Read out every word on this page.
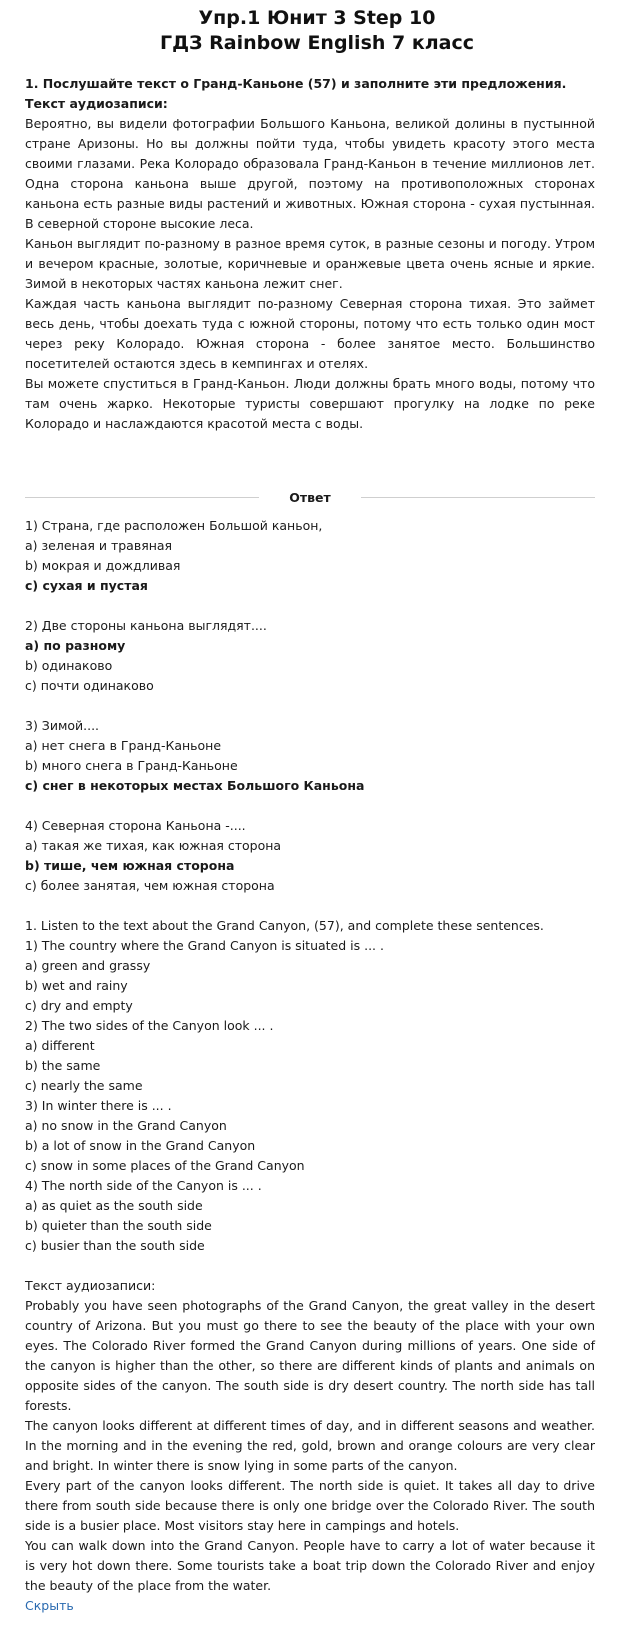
Упр.1 Юнит 3 Step 10
ГДЗ Rainbow English 7 класс
1. Послушайте текст о Гранд-Каньоне (57) и заполните эти предложения.
Текст аудиозаписи:
Вероятно, вы видели фотографии Большого Каньона, великой долины в пустынной стране Аризоны. Но вы должны пойти туда, чтобы увидеть красоту этого места своими глазами. Река Колорадо образовала Гранд-Каньон в течение миллионов лет. Одна сторона каньона выше другой, поэтому на противоположных сторонах каньона есть разные виды растений и животных. Южная сторона - сухая пустынная. В северной стороне высокие леса.
Каньон выглядит по-разному в разное время суток, в разные сезоны и погоду. Утром и вечером красные, золотые, коричневые и оранжевые цвета очень ясные и яркие. Зимой в некоторых частях каньона лежит снег.
Каждая часть каньона выглядит по-разному Северная сторона тихая. Это займет весь день, чтобы доехать туда с южной стороны, потому что есть только один мост через реку Колорадо. Южная сторона - более занятое место. Большинство посетителей остаются здесь в кемпингах и отелях.
Вы можете спуститься в Гранд-Каньон. Люди должны брать много воды, потому что там очень жарко. Некоторые туристы совершают прогулку на лодке по реке Колорадо и наслаждаются красотой места с воды.
Ответ
1) Страна, где расположен Большой каньон,
a) зеленая и травяная
b) мокрая и дождливая
c) сухая и пустая
2) Две стороны каньона выглядят....
a) по разному
b) одинаково
c) почти одинаково
3) Зимой....
a) нет снега в Гранд-Каньоне
b) много снега в Гранд-Каньоне
c) снег в некоторых местах Большого Каньона
4) Северная сторона Каньона -....
a) такая же тихая, как южная сторона
b) тише, чем южная сторона
c) более занятая, чем южная сторона
1. Listen to the text about the Grand Canyon, (57), and complete these sentences.
1) The country where the Grand Canyon is situated is ... .
a) green and grassy
b) wet and rainy
c) dry and empty
2) The two sides of the Canyon look ... .
a) different
b) the same
c) nearly the same
3) In winter there is ... .
a) no snow in the Grand Canyon
b) a lot of snow in the Grand Canyon
c) snow in some places of the Grand Canyon
4) The north side of the Canyon is ... .
a) as quiet as the south side
b) quieter than the south side
c) busier than the south side
Текст аудиозаписи:
Probably you have seen photographs of the Grand Canyon, the great valley in the desert country of Arizona. But you must go there to see the beauty of the place with your own eyes. The Colorado River formed the Grand Canyon during millions of years. One side of the canyon is higher than the other, so there are different kinds of plants and animals on opposite sides of the canyon. The south side is dry desert country. The north side has tall forests.
The canyon looks different at different times of day, and in different seasons and weather. In the morning and in the evening the red, gold, brown and orange colours are very clear and bright. In winter there is snow lying in some parts of the canyon.
Every part of the canyon looks different. The north side is quiet. It takes all day to drive there from south side because there is only one bridge over the Colorado River. The south side is a busier place. Most visitors stay here in campings and hotels.
You can walk down into the Grand Canyon. People have to carry a lot of water because it is very hot down there. Some tourists take a boat trip down the Colorado River and enjoy the beauty of the place from the water.
Скрыть
